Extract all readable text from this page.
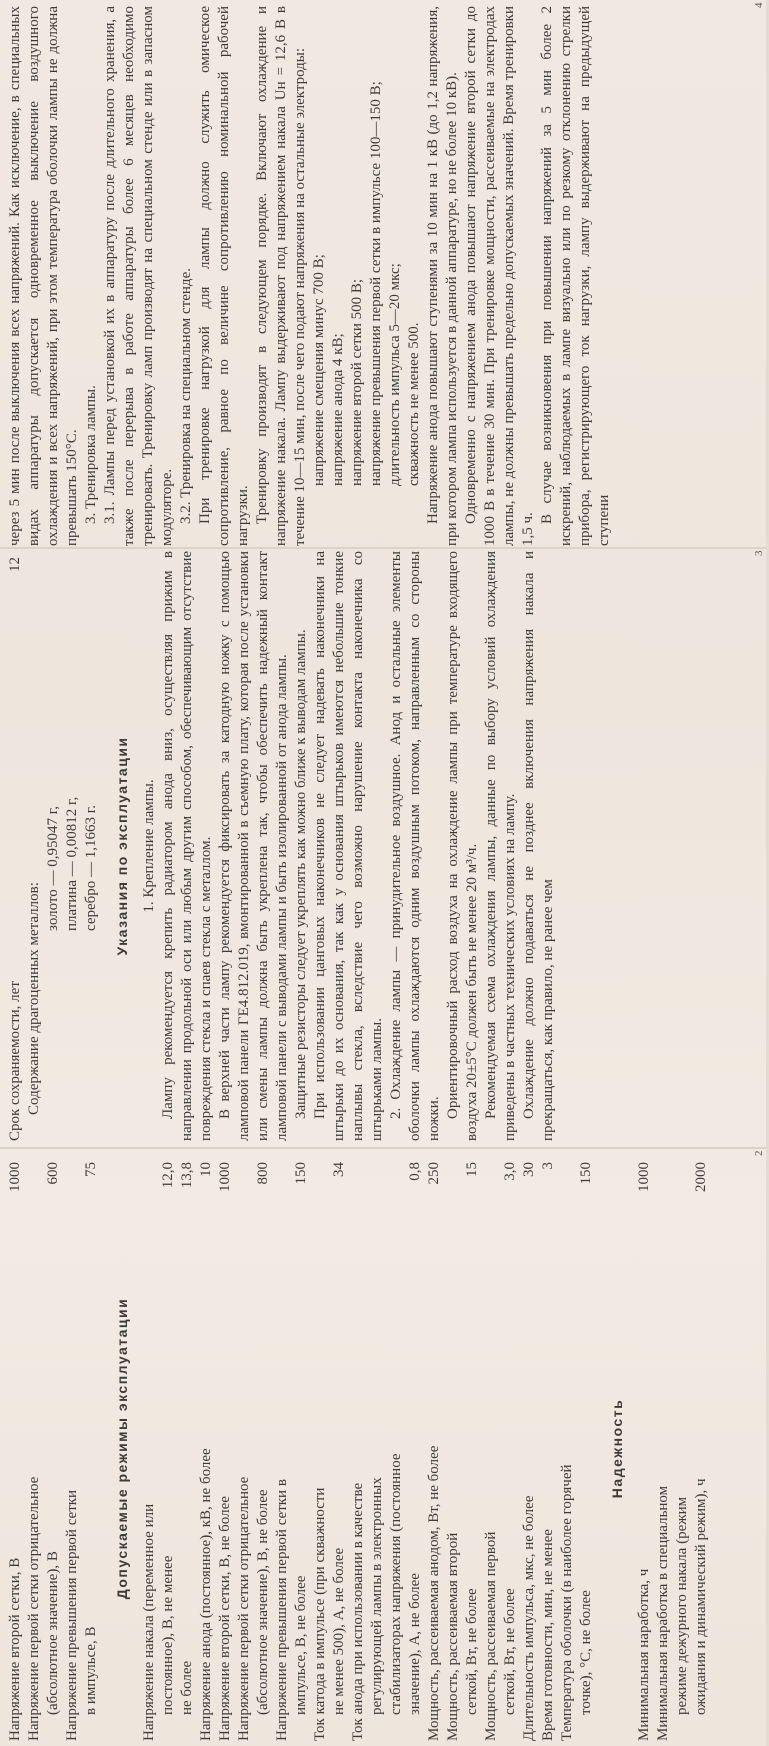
Напряжение второй сетки, В
1000
Напряжение первой сетки отрицательное (абсолютное значение), В
600
Напряжение превышения первой сетки в импульсе, В
75
Допускаемые режимы эксплуатации
Напряжение накала (переменное или постоянное), В, не менее
12,0
не более
13,8
Напряжение анода (постоянное), кВ, не более
10
Напряжение второй сетки, В, не более
1000
Напряжение первой сетки отрицательное (абсолютное значение), В, не более
800
Напряжение превышения первой сетки в импульсе, В, не более
150
Ток катода в импульсе (при скважности не менее 500), А, не более
34
Ток анода при использовании в качестве регулирующей лампы в электронных стабилизаторах напряжения (постоянное значение), А, не более
0,8
Мощность, рассеиваемая анодом, Вт, не более
250
Мощность, рассеиваемая второй сеткой, Вт, не более
15
Мощность, рассеиваемая первой сеткой, Вт, не более
3,0
Длительность импульса, мкс, не более
30
Время готовности, мин, не менее
3
Температура оболочки (в наиболее горячей точке), °С, не более
150
Надежность
Минимальная наработка, ч
1000
Минимальная наработка в специальном режиме дежурного накала (режим ожидания и динамический режим), ч
2000
2
Срок сохраняемости, лет
12

Содержание драгоценных металлов:

золото — 0,95047 г, платина — 0,00812 г, серебро — 1,1663 г. Указания по эксплуатации 1. Крепление лампы. Лампу рекомендуется крепить радиатором анода вниз, осуществляя прижим в направлении продольной оси или любым другим способом, обеспечивающим отсутствие повреждения стекла и спаев стекла с металлом. В верхней части лампу рекомендуется фиксировать за катодную ножку с помощью ламповой панели ГЕ4.812.019, вмонтированной в съемную плату, которая после установки или смены лампы должна быть укреплена так, чтобы обеспечить надежный контакт ламповой панели с выводами лампы и быть изолированной от анода лампы. Защитные резисторы следует укреплять как можно ближе к выводам лампы. При использовании цанговых наконечников не следует надевать наконечники на штырьки до их основания, так как у основания штырьков имеются небольшие тонкие наплывы стекла, вследствие чего возможно нарушение контакта наконечника со штырьками лампы. 2. Охлаждение лампы — принудительное воздушное. Анод и остальные элементы оболочки лампы охлаждаются одним воздушным потоком, направленным со стороны ножки. Ориентировочный расход воздуха на охлаждение лампы при температуре входящего воздуха 20±5°С должен быть не менее 20 м³/ч. Рекомендуемая схема охлаждения лампы, данные по выбору условий охлаждения приведены в частных технических условиях на лампу. Охлаждение должно подаваться не позднее включения напряжения накала и прекращаться, как правило, не ранее чем

3

через 5 мин после выключения всех напряжений. Как исключение, в специальных видах аппаратуры допускается одновременное выключение воздушного охлаждения и всех напряжений, при этом температура оболочки лампы не должна превышать 150°С. 3. Тренировка лампы. 3.1. Лампы перед установкой их в аппаратуру после длительного хранения, а также после перерыва в работе аппаратуры более 6 месяцев необходимо тренировать. Тренировку ламп производят на специальном стенде или в запасном модуляторе. 3.2. Тренировка на специальном стенде. При тренировке нагрузкой для лампы должно служить омическое сопротивление, равное по величине сопротивлению номинальной рабочей нагрузки. Тренировку производят в следующем порядке. Включают охлаждение и напряжение накала. Лампу выдерживают под напряжением накала Uн = 12,6 В в течение 10—15 мин, после чего подают напряжения на остальные электроды: напряжение смещения минус 700 В; напряжение анода 4 кВ; напряжение второй сетки 500 В; напряжение превышения первой сетки в импульсе 100—150 В; длительность импульса 5—20 мкс; скважность не менее 500. Напряжение анода повышают ступенями за 10 мин на 1 кВ (до 1,2 напряжения, при котором лампа используется в данной аппаратуре, но не более 10 кВ). Одновременно с напряжением анода повышают напряжение второй сетки до 1000 В в течение 30 мин. При тренировке мощности, рассеиваемые на электродах лампы, не должны превышать предельно допускаемых значений. Время тренировки 1,5 ч.

В случае возникновения при повышении напряжений за 5 мин более 2 искрений, наблюдаемых в лампе визуально или по резкому отклонению стрелки прибора, регистрирующего ток нагрузки, лампу выдерживают на предыдущей ступени

4
